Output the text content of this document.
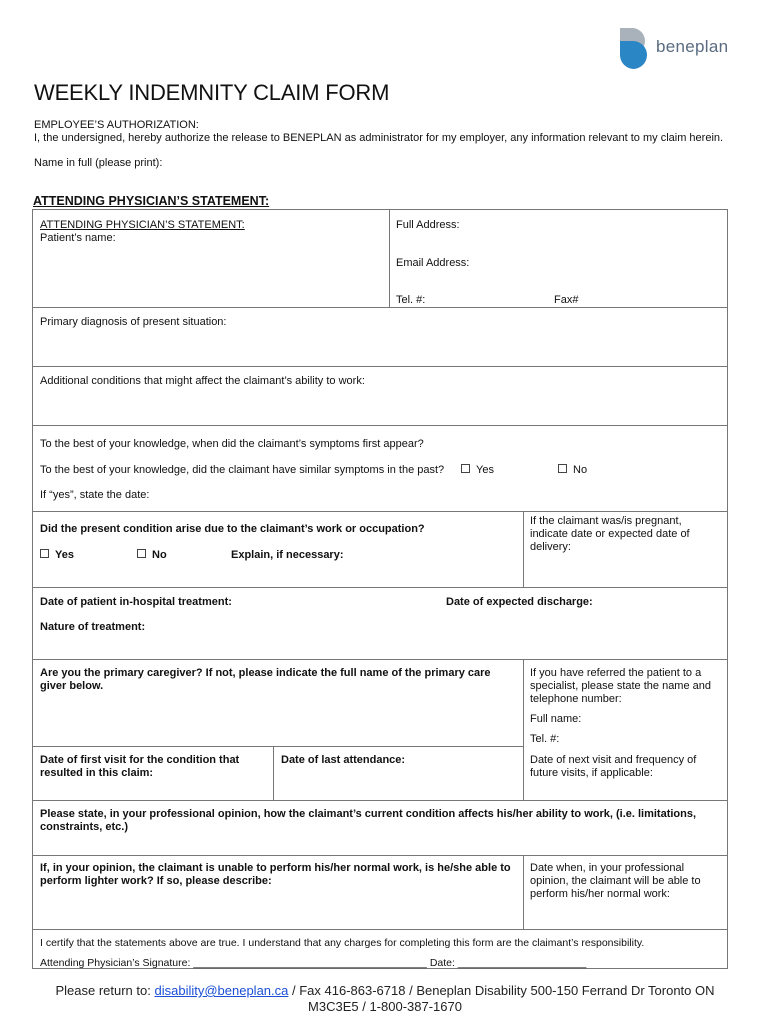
beneplan
WEEKLY INDEMNITY CLAIM FORM
EMPLOYEE’S AUTHORIZATION:
I, the undersigned, hereby authorize the release to BENEPLAN as administrator for my employer, any information relevant to my claim herein.
Name in full (please print):
ATTENDING PHYSICIAN’S STATEMENT:
ATTENDING PHYSICIAN’S STATEMENT:
Patient’s name:
Full Address:
Email Address:
Tel. #:	Fax#
Primary diagnosis of present situation:
Additional conditions that might affect the claimant’s ability to work:
To the best of your knowledge, when did the claimant’s symptoms first appear?
To the best of your knowledge, did the claimant have similar symptoms in the past?	Yes	No
If “yes”, state the date:
Did the present condition arise due to the claimant’s work or occupation?
Yes	No	Explain, if necessary:
If the claimant was/is pregnant, indicate date or expected date of delivery:
Date of patient in-hospital treatment:	Date of expected discharge:
Nature of treatment:
Are you the primary caregiver? If not, please indicate the full name of the primary care giver below.
If you have referred the patient to a specialist, please state the name and telephone number:
Full name:
Tel. #:
Date of first visit for the condition that resulted in this claim:
Date of last attendance:	Date of next visit and frequency of future visits, if applicable:
Please state, in your professional opinion, how the claimant’s current condition affects his/her ability to work, (i.e. limitations, constraints, etc.)
If, in your opinion, the claimant is unable to perform his/her normal work, is he/she able to perform lighter work? If so, please describe:
Date when, in your professional opinion, the claimant will be able to perform his/her normal work:
I certify that the statements above are true. I understand that any charges for completing this form are the claimant’s responsibility.
Attending Physician’s Signature: ________________________________________ Date: ______________________
Please return to: disability@beneplan.ca / Fax 416-863-6718 / Beneplan Disability 500-150 Ferrand Dr Toronto ON
M3C3E5 / 1-800-387-1670
